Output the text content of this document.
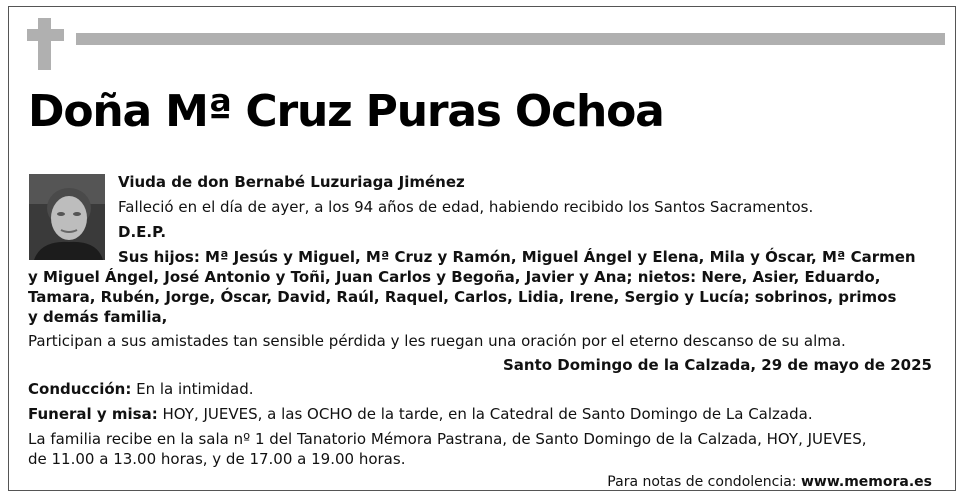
Doña Mª Cruz Puras Ochoa
Viuda de don Bernabé Luzuriaga Jiménez
Falleció en el día de ayer, a los 94 años de edad, habiendo recibido los Santos Sacramentos.
D.E.P.
Sus hijos: Mª Jesús y Miguel, Mª Cruz y Ramón, Miguel Ángel y Elena, Mila y Óscar, Mª Carmen
y Miguel Ángel, José Antonio y Toñi, Juan Carlos y Begoña, Javier y Ana; nietos: Nere, Asier, Eduardo,
Tamara, Rubén, Jorge, Óscar, David, Raúl, Raquel, Carlos, Lidia, Irene, Sergio y Lucía; sobrinos, primos
y demás familia,
Participan a sus amistades tan sensible pérdida y les ruegan una oración por el eterno descanso de su alma.
Santo Domingo de la Calzada, 29 de mayo de 2025
Conducción: En la intimidad.
Funeral y misa: HOY, JUEVES, a las OCHO de la tarde, en la Catedral de Santo Domingo de La Calzada.
La familia recibe en la sala nº 1 del Tanatorio Mémora Pastrana, de Santo Domingo de la Calzada, HOY, JUEVES,
de 11.00 a 13.00 horas, y de 17.00 a 19.00 horas.
Para notas de condolencia: www.memora.es
